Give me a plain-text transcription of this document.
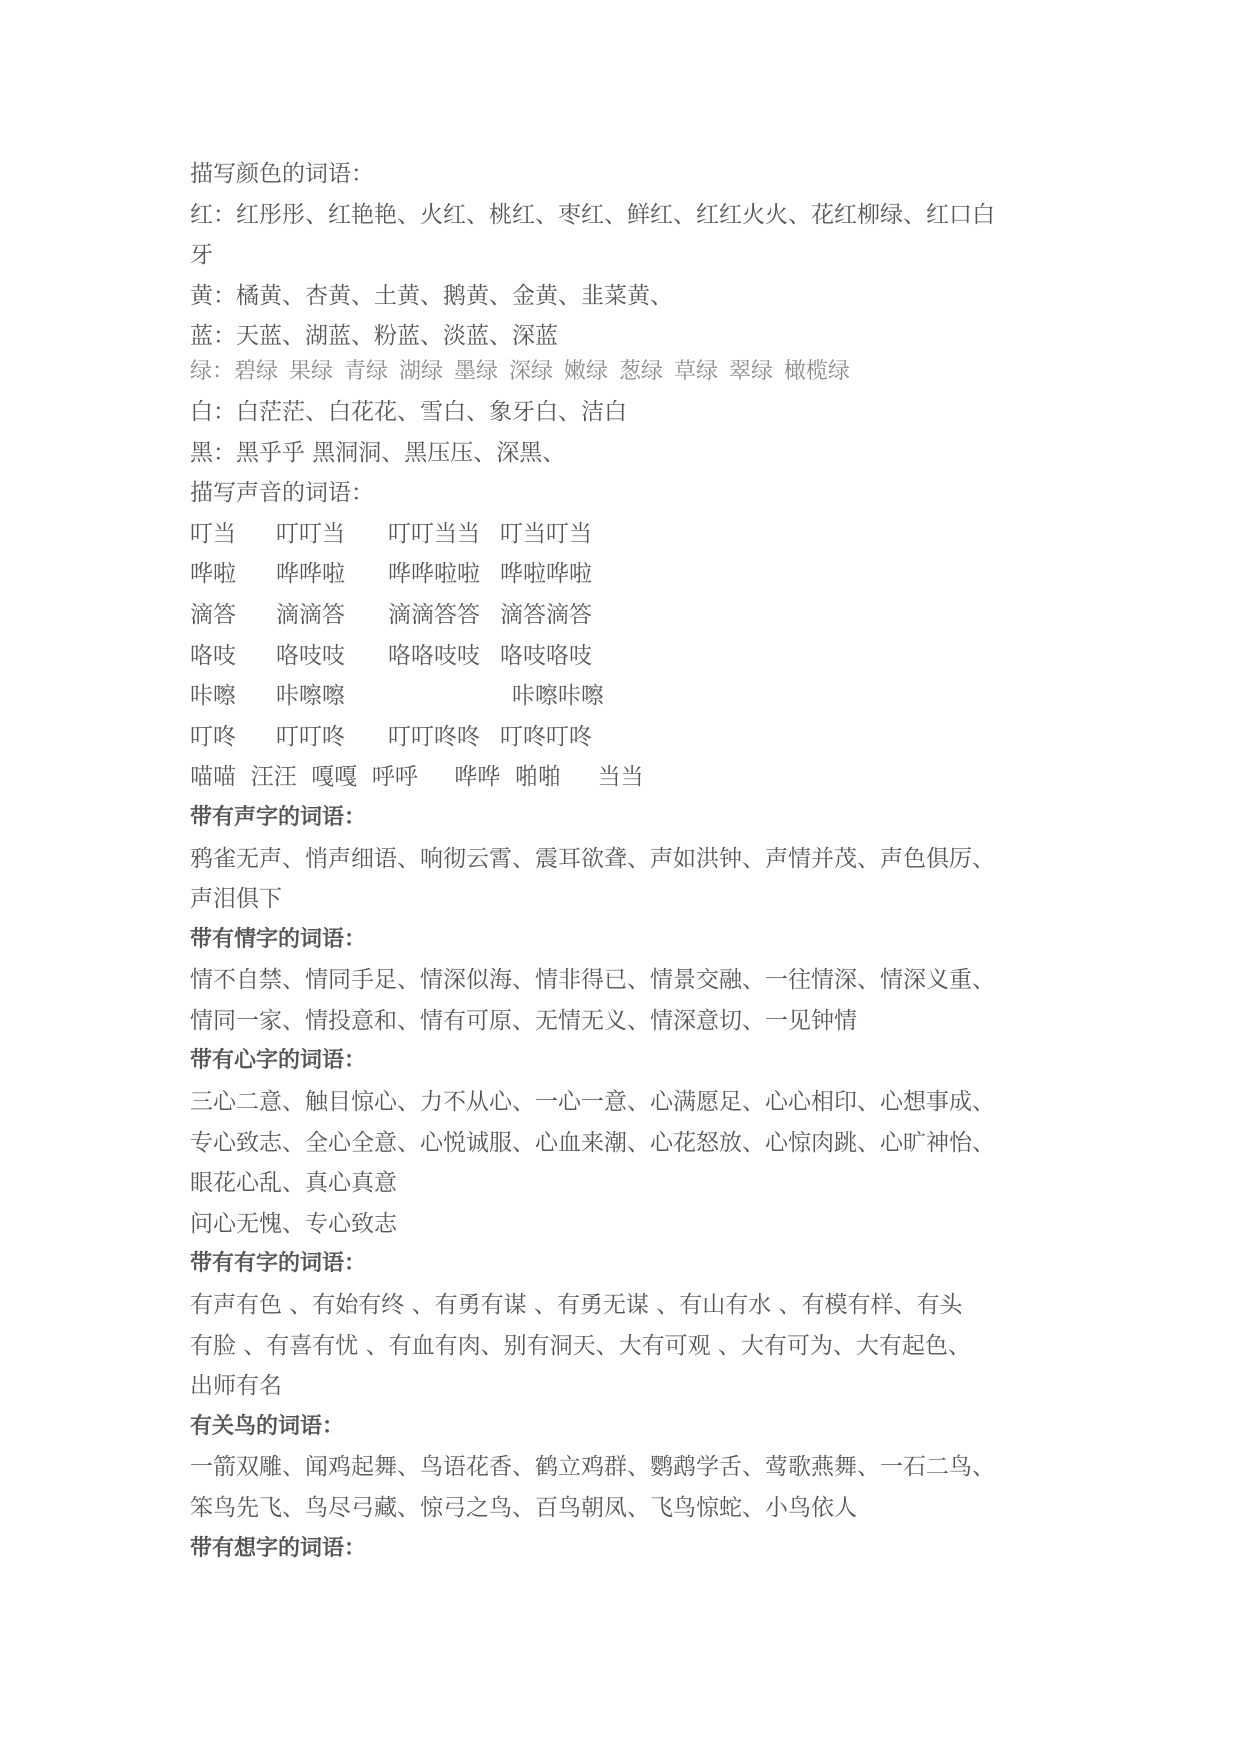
描写颜色的词语：
红：红彤彤、红艳艳、火红、桃红、枣红、鲜红、红红火火、花红柳绿、红口白
牙
黄：橘黄、杏黄、土黄、鹅黄、金黄、韭菜黄、
蓝：天蓝、湖蓝、粉蓝、淡蓝、深蓝
绿：碧绿 果绿 青绿 湖绿 墨绿 深绿 嫩绿 葱绿 草绿 翠绿 橄榄绿
白：白茫茫、白花花、雪白、象牙白、洁白
黑：黑乎乎 黑洞洞、黑压压、深黑、
描写声音的词语：
叮当 叮叮当 叮叮当当 叮当叮当
哗啦 哗哗啦 哗哗啦啦 哗啦哗啦
滴答 滴滴答 滴滴答答 滴答滴答
咯吱 咯吱吱 咯咯吱吱 咯吱咯吱
咔嚓 咔嚓嚓	咔嚓咔嚓
叮咚 叮叮咚 叮叮咚咚 叮咚叮咚
喵喵  汪汪  嘎嘎  呼呼     哗哗  啪啪     当当
带有声字的词语：
鸦雀无声、悄声细语、响彻云霄、震耳欲聋、声如洪钟、声情并茂、声色俱厉、
声泪俱下
带有情字的词语：
情不自禁、情同手足、情深似海、情非得已、情景交融、一往情深、情深义重、
情同一家、情投意和、情有可原、无情无义、情深意切、一见钟情
带有心字的词语：
三心二意、触目惊心、力不从心、一心一意、心满愿足、心心相印、心想事成、
专心致志、全心全意、心悦诚服、心血来潮、心花怒放、心惊肉跳、心旷神怡、
眼花心乱、真心真意
问心无愧、专心致志
带有有字的词语：
有声有色 、有始有终 、有勇有谋 、有勇无谋 、有山有水 、有模有样、有头
有脸 、有喜有忧 、有血有肉、别有洞天、大有可观 、大有可为、大有起色、
出师有名
有关鸟的词语：
一箭双雕、闻鸡起舞、鸟语花香、鹤立鸡群、鹦鹉学舌、莺歌燕舞、一石二鸟、
笨鸟先飞、鸟尽弓藏、惊弓之鸟、百鸟朝凤、飞鸟惊蛇、小鸟依人
带有想字的词语：
